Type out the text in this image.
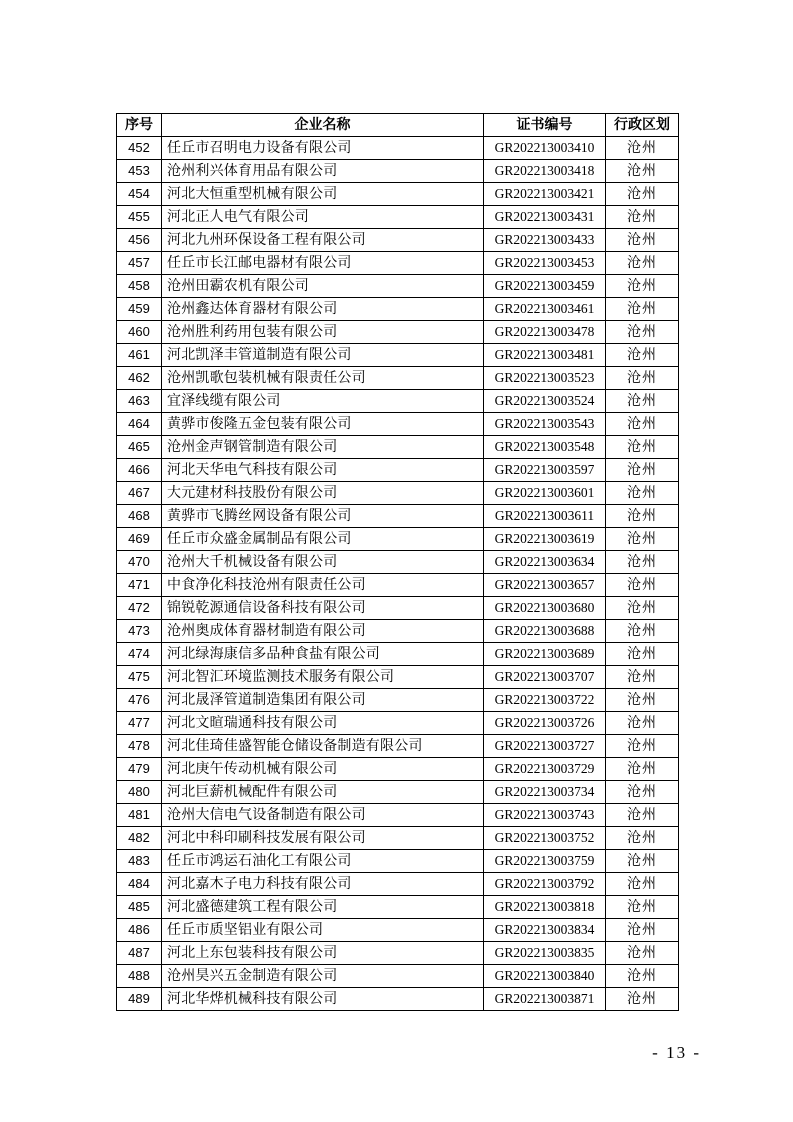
序号	企业名称	证书编号	行政区划
452	任丘市召明电力设备有限公司	GR202213003410	沧州
453	沧州利兴体育用品有限公司	GR202213003418	沧州
454	河北大恒重型机械有限公司	GR202213003421	沧州
455	河北正人电气有限公司	GR202213003431	沧州
456	河北九州环保设备工程有限公司	GR202213003433	沧州
457	任丘市长江邮电器材有限公司	GR202213003453	沧州
458	沧州田霸农机有限公司	GR202213003459	沧州
459	沧州鑫达体育器材有限公司	GR202213003461	沧州
460	沧州胜利药用包装有限公司	GR202213003478	沧州
461	河北凯泽丰管道制造有限公司	GR202213003481	沧州
462	沧州凯歌包装机械有限责任公司	GR202213003523	沧州
463	宜泽线缆有限公司	GR202213003524	沧州
464	黄骅市俊隆五金包装有限公司	GR202213003543	沧州
465	沧州金声钢管制造有限公司	GR202213003548	沧州
466	河北天华电气科技有限公司	GR202213003597	沧州
467	大元建材科技股份有限公司	GR202213003601	沧州
468	黄骅市飞腾丝网设备有限公司	GR202213003611	沧州
469	任丘市众盛金属制品有限公司	GR202213003619	沧州
470	沧州大千机械设备有限公司	GR202213003634	沧州
471	中食净化科技沧州有限责任公司	GR202213003657	沧州
472	锦锐乾源通信设备科技有限公司	GR202213003680	沧州
473	沧州奥成体育器材制造有限公司	GR202213003688	沧州
474	河北绿海康信多品种食盐有限公司	GR202213003689	沧州
475	河北智汇环境监测技术服务有限公司	GR202213003707	沧州
476	河北晟泽管道制造集团有限公司	GR202213003722	沧州
477	河北文暄瑞通科技有限公司	GR202213003726	沧州
478	河北佳琦佳盛智能仓储设备制造有限公司	GR202213003727	沧州
479	河北庚午传动机械有限公司	GR202213003729	沧州
480	河北巨薪机械配件有限公司	GR202213003734	沧州
481	沧州大信电气设备制造有限公司	GR202213003743	沧州
482	河北中科印刷科技发展有限公司	GR202213003752	沧州
483	任丘市鸿运石油化工有限公司	GR202213003759	沧州
484	河北嘉木子电力科技有限公司	GR202213003792	沧州
485	河北盛德建筑工程有限公司	GR202213003818	沧州
486	任丘市质坚铝业有限公司	GR202213003834	沧州
487	河北上东包装科技有限公司	GR202213003835	沧州
488	沧州昊兴五金制造有限公司	GR202213003840	沧州
489	河北华烨机械科技有限公司	GR202213003871	沧州
- 13 -
